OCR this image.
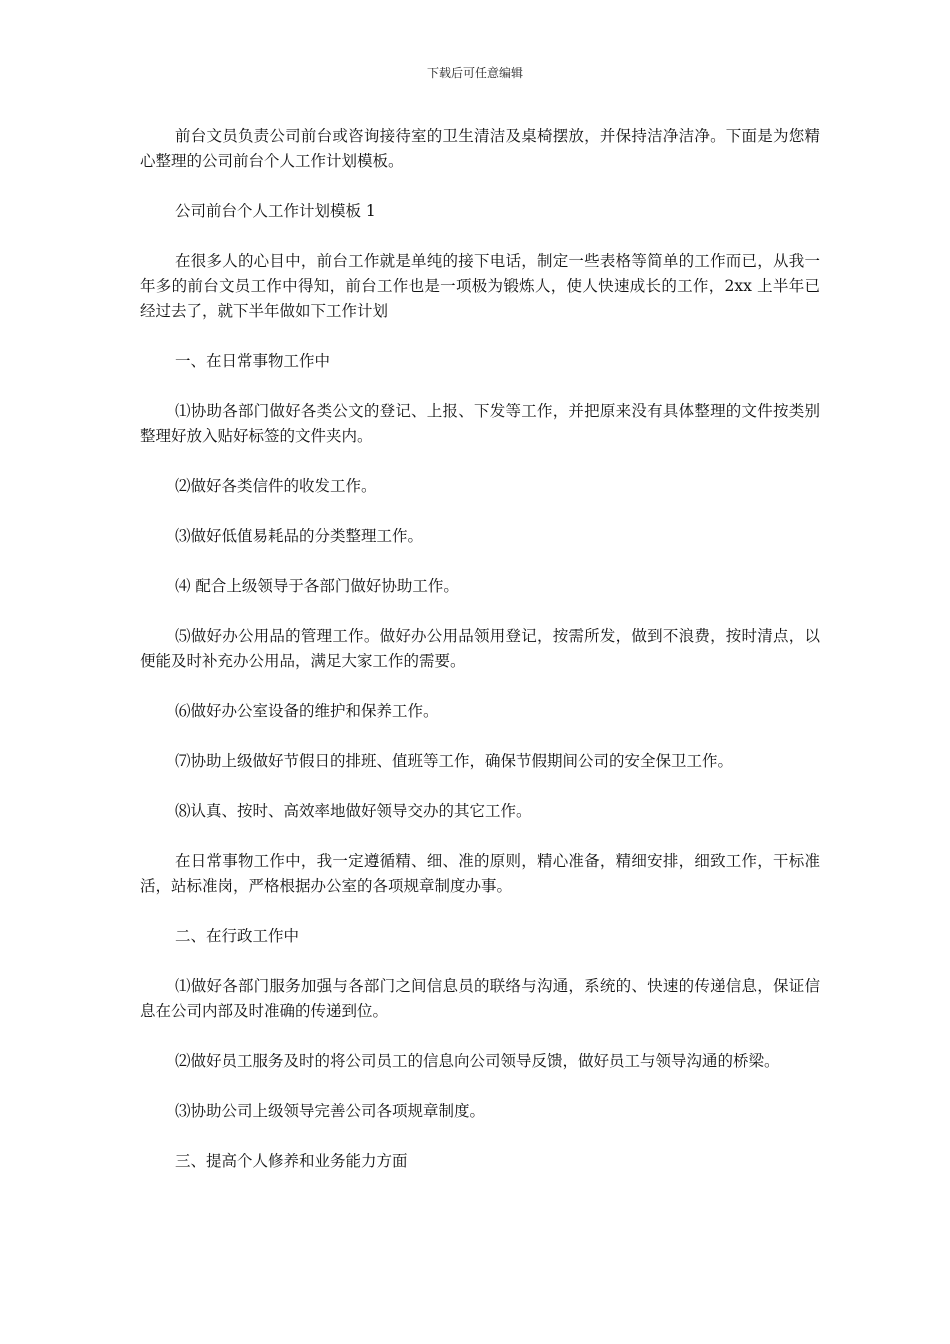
下载后可任意编辑

前台文员负责公司前台或咨询接待室的卫生清洁及桌椅摆放，并保持洁净洁净。下面是为您精心整理的公司前台个人工作计划模板。

公司前台个人工作计划模板 1

在很多人的心目中，前台工作就是单纯的接下电话，制定一些表格等简单的工作而已，从我一年多的前台文员工作中得知，前台工作也是一项极为锻炼人，使人快速成长的工作，2xx 上半年已经过去了，就下半年做如下工作计划

一、在日常事物工作中

⑴协助各部门做好各类公文的登记、上报、下发等工作，并把原来没有具体整理的文件按类别整理好放入贴好标签的文件夹内。

⑵做好各类信件的收发工作。

⑶做好低值易耗品的分类整理工作。

⑷ 配合上级领导于各部门做好协助工作。

⑸做好办公用品的管理工作。做好办公用品领用登记，按需所发，做到不浪费，按时清点，以便能及时补充办公用品，满足大家工作的需要。

⑹做好办公室设备的维护和保养工作。

⑺协助上级做好节假日的排班、值班等工作，确保节假期间公司的安全保卫工作。

⑻认真、按时、高效率地做好领导交办的其它工作。

在日常事物工作中，我一定遵循精、细、准的原则，精心准备，精细安排，细致工作，干标准活，站标准岗，严格根据办公室的各项规章制度办事。

二、在行政工作中

⑴做好各部门服务加强与各部门之间信息员的联络与沟通，系统的、快速的传递信息，保证信息在公司内部及时准确的传递到位。

⑵做好员工服务及时的将公司员工的信息向公司领导反馈，做好员工与领导沟通的桥梁。

⑶协助公司上级领导完善公司各项规章制度。

三、提高个人修养和业务能力方面
